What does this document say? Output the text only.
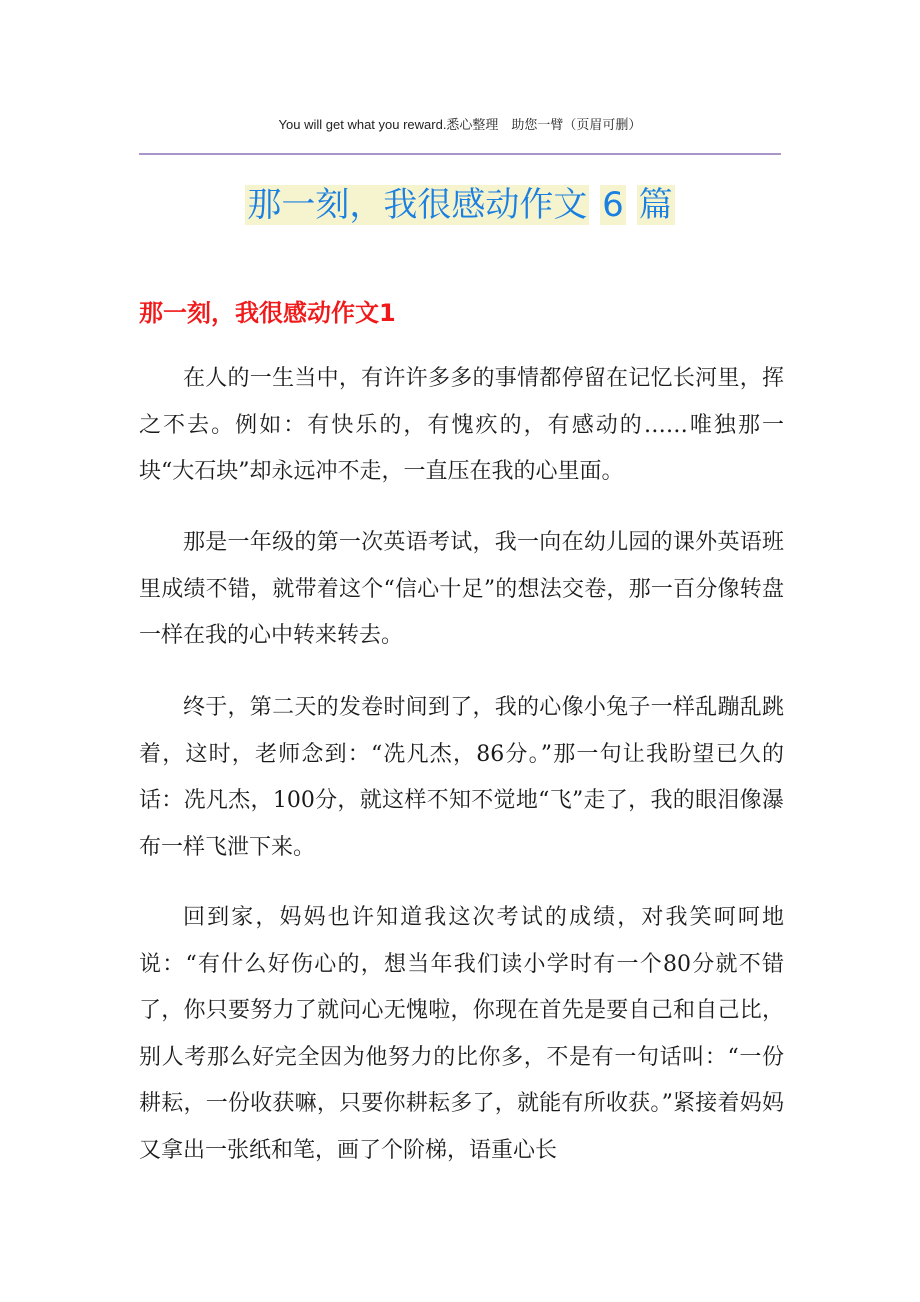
You will get what you reward.悉心整理　助您一臂（页眉可删）
那一刻，我很感动作文 6 篇
那一刻，我很感动作文1

在人的一生当中，有许许多多的事情都停留在记忆长河里，挥之不去。例如：有快乐的，有愧疚的，有感动的……唯独那一块“大石块”却永远冲不走，一直压在我的心里面。

那是一年级的第一次英语考试，我一向在幼儿园的课外英语班里成绩不错，就带着这个“信心十足”的想法交卷，那一百分像转盘一样在我的心中转来转去。

终于，第二天的发卷时间到了，我的心像小兔子一样乱蹦乱跳着，这时，老师念到：“冼凡杰，86分。”那一句让我盼望已久的话：冼凡杰，100分，就这样不知不觉地“飞”走了，我的眼泪像瀑布一样飞泄下来。

回到家，妈妈也许知道我这次考试的成绩，对我笑呵呵地说：“有什么好伤心的，想当年我们读小学时有一个80分就不错了，你只要努力了就问心无愧啦，你现在首先是要自己和自己比，别人考那么好完全因为他努力的比你多，不是有一句话叫：“一份耕耘，一份收获嘛，只要你耕耘多了，就能有所收获。”紧接着妈妈又拿出一张纸和笔，画了个阶梯，语重心长
